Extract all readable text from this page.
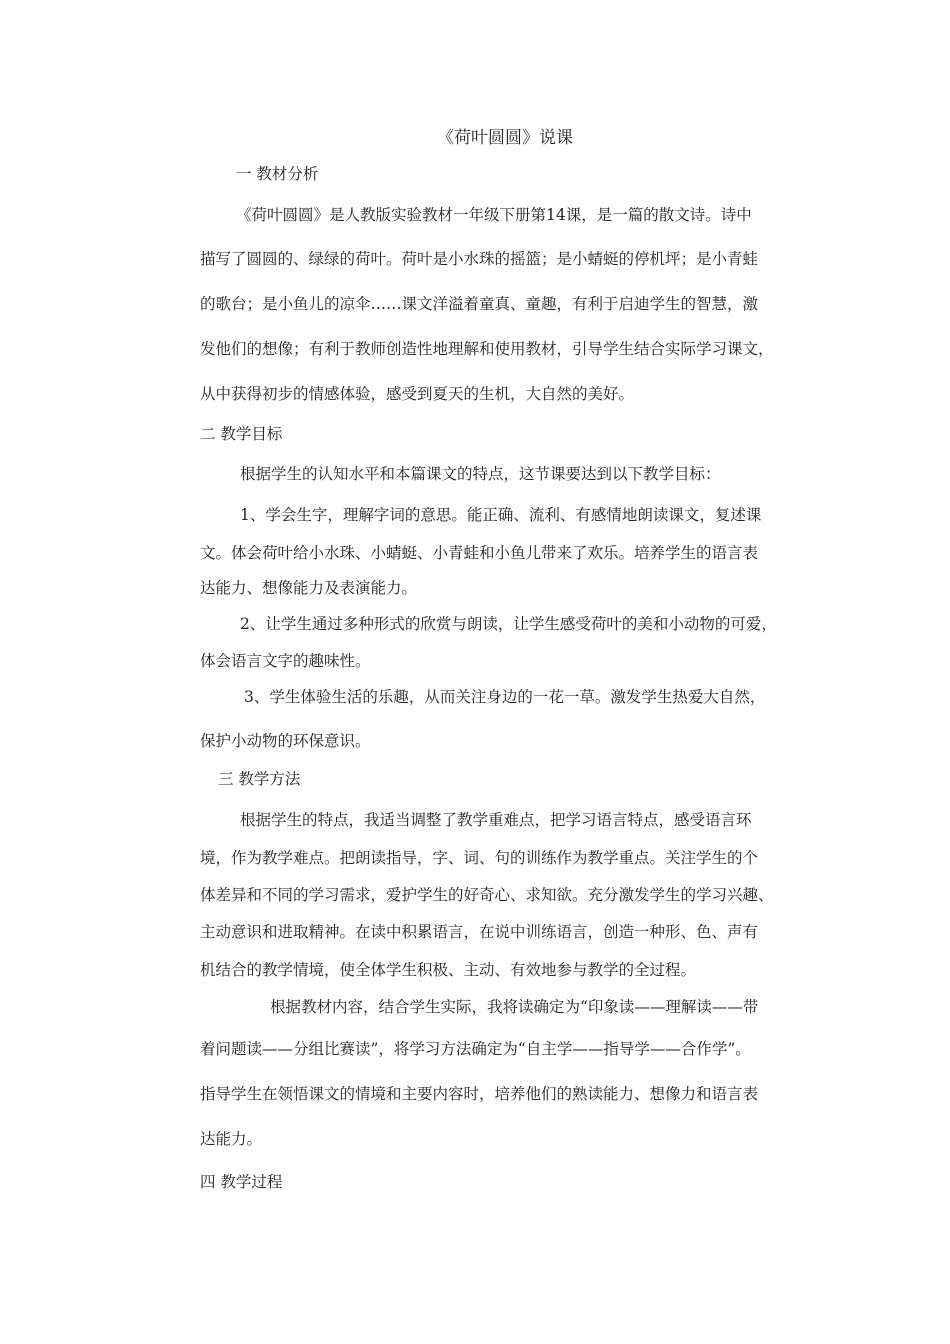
《荷叶圆圆》说课
一 教材分析
《荷叶圆圆》是人教版实验教材一年级下册第14课，是一篇的散文诗。诗中
描写了圆圆的、绿绿的荷叶。荷叶是小水珠的摇篮；是小蜻蜓的停机坪；是小青蛙
的歌台；是小鱼儿的凉伞……课文洋溢着童真、童趣，有利于启迪学生的智慧，激
发他们的想像；有利于教师创造性地理解和使用教材，引导学生结合实际学习课文，
从中获得初步的情感体验，感受到夏天的生机，大自然的美好。
二 教学目标
根据学生的认知水平和本篇课文的特点，这节课要达到以下教学目标：
1、学会生字，理解字词的意思。能正确、流利、有感情地朗读课文，复述课
文。体会荷叶给小水珠、小蜻蜓、小青蛙和小鱼儿带来了欢乐。培养学生的语言表
达能力、想像能力及表演能力。
2、让学生通过多种形式的欣赏与朗读，让学生感受荷叶的美和小动物的可爱，
体会语言文字的趣味性。
3、学生体验生活的乐趣，从而关注身边的一花一草。激发学生热爱大自然，
保护小动物的环保意识。
三 教学方法
根据学生的特点，我适当调整了教学重难点，把学习语言特点，感受语言环
境，作为教学难点。把朗读指导，字、词、句的训练作为教学重点。关注学生的个
体差异和不同的学习需求，爱护学生的好奇心、求知欲。充分激发学生的学习兴趣、
主动意识和进取精神。在读中积累语言，在说中训练语言，创造一种形、色、声有
机结合的教学情境，使全体学生积极、主动、有效地参与教学的全过程。
根据教材内容，结合学生实际，我将读确定为“印象读——理解读——带
着问题读——分组比赛读”，将学习方法确定为“自主学——指导学——合作学”。
指导学生在领悟课文的情境和主要内容时，培养他们的熟读能力、想像力和语言表
达能力。
四 教学过程
